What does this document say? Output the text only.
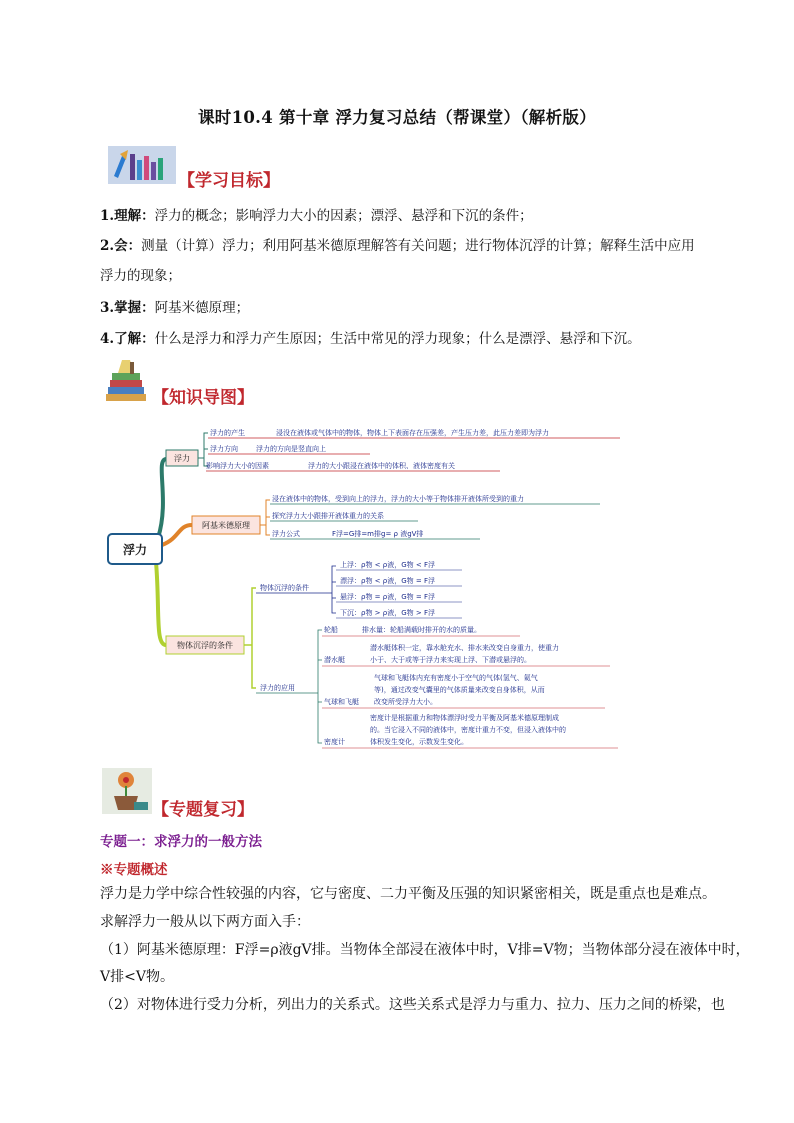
课时10.4 第十章 浮力复习总结（帮课堂）（解析版）
【学习目标】
1.理解：浮力的概念；影响浮力大小的因素；漂浮、悬浮和下沉的条件；
2.会：测量（计算）浮力；利用阿基米德原理解答有关问题；进行物体沉浮的计算；解释生活中应用
浮力的现象；
3.掌握：阿基米德原理；
4.了解：什么是浮力和浮力产生原因；生活中常见的浮力现象；什么是漂浮、悬浮和下沉。
【知识导图】
浮力
浮力
浮力的产生
浮力方向
影响浮力大小的因素
浸没在液体或气体中的物体，物体上下表面存在压强差，产生压力差，此压力差即为浮力
浮力的方向是竖直向上
浮力的大小跟浸在液体中的体积、液体密度有关
阿基米德原理
浸在液体中的物体，受到向上的浮力，浮力的大小等于物体排开液体所受到的重力
探究浮力大小跟排开液体重力的关系
浮力公式	F浮=G排=m排g= ρ 液gV排
物体沉浮的条件
物体沉浮的条件
上浮：ρ物 < ρ液，G物 < F浮
漂浮：ρ物 < ρ液，G物 = F浮
悬浮：ρ物 = ρ液，G物 = F浮
下沉：ρ物 > ρ液，G物 > F浮
浮力的应用
轮船	排水量：轮船满载时排开的水的质量。
潜水艇
潜水艇体积一定，靠水舱充水、排水来改变自身重力，使重力
小于、大于或等于浮力来实现上浮、下潜或悬浮的。
气球和飞艇
气球和飞艇体内充有密度小于空气的气体(氢气、氦气
等)，通过改变气囊里的气体质量来改变自身体积，从而
改变所受浮力大小。
密度计
密度计是根据重力和物体漂浮时受力平衡及阿基米德原理制成
的。当它浸入不同的液体中，密度计重力不变，但浸入液体中的
体积发生变化，示数发生变化。
【专题复习】
专题一：求浮力的一般方法
※专题概述
浮力是力学中综合性较强的内容，它与密度、二力平衡及压强的知识紧密相关，既是重点也是难点。
求解浮力一般从以下两方面入手：
（1）阿基米德原理：F浮=ρ液gV排。当物体全部浸在液体中时，V排=V物；当物体部分浸在液体中时，
V排<V物。
（2）对物体进行受力分析，列出力的关系式。这些关系式是浮力与重力、拉力、压力之间的桥梁，也
